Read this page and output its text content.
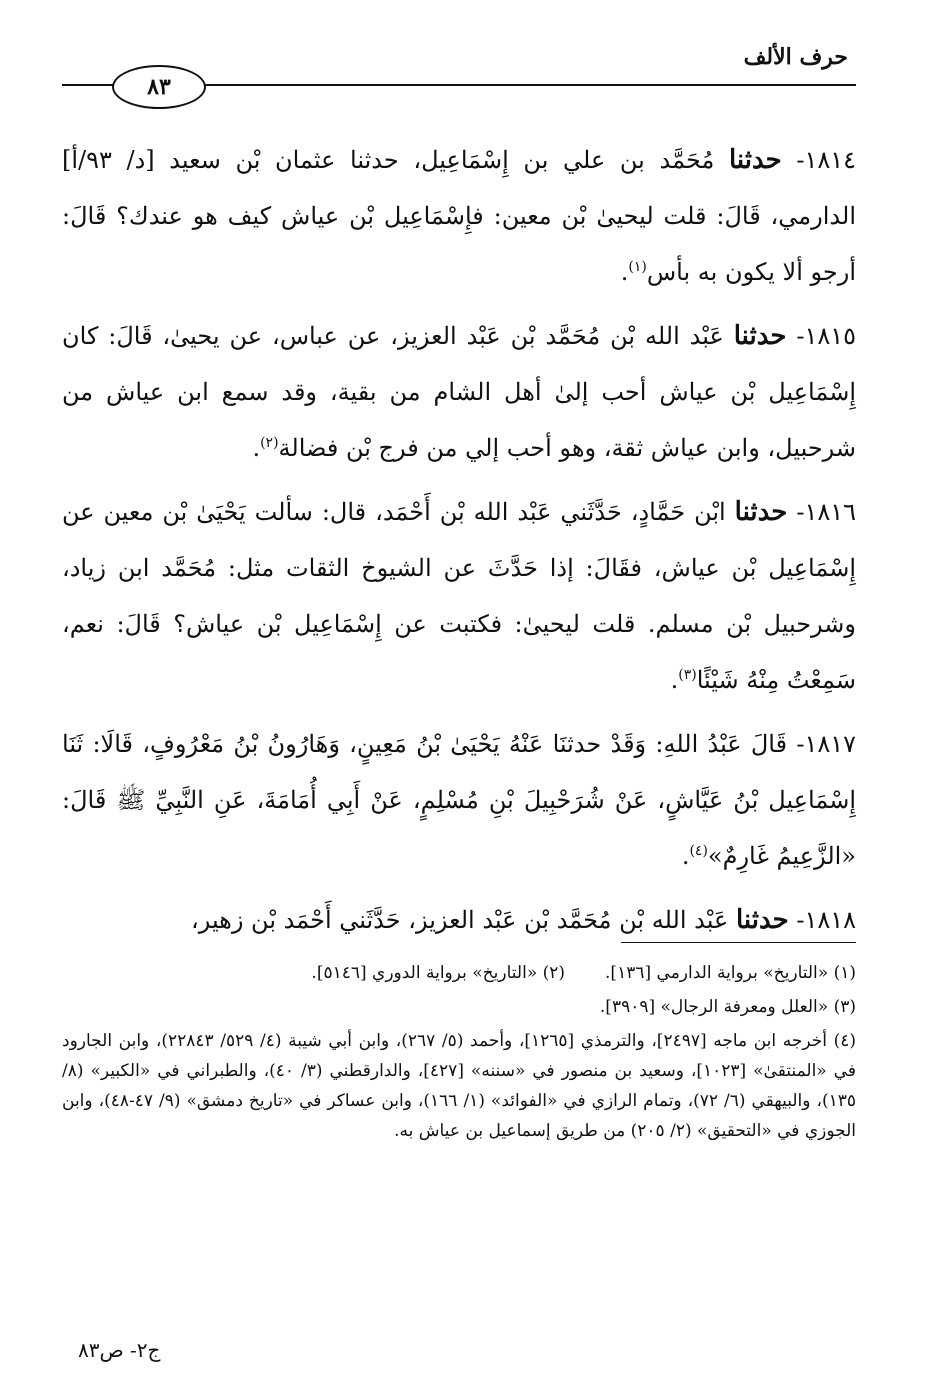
حرف الألف
٨٣

١٨١٤- حدثنا مُحَمَّد بن علي بن إِسْمَاعِيل، حدثنا عثمان بْن سعيد [د/ ٩٣/أ] الدارمي، قَالَ: قلت ليحيىٰ بْن معين: فإِسْمَاعِيل بْن عياش كيف هو عندك؟ قَالَ: أرجو ألا يكون به بأس$^{(١)}$.

١٨١٥- حدثنا عَبْد الله بْن مُحَمَّد بْن عَبْد العزيز، عن عباس، عن يحيىٰ، قَالَ: كان إِسْمَاعِيل بْن عياش أحب إلىٰ أهل الشام من بقية، وقد سمع ابن عياش من شرحبيل، وابن عياش ثقة، وهو أحب إلي من فرج بْن فضالة$^{(٢)}$.

١٨١٦- حدثنا ابْن حَمَّادٍ، حَدَّثَني عَبْد الله بْن أَحْمَد، قال: سألت يَحْيَىٰ بْن معين عن إِسْمَاعِيل بْن عياش، فقَالَ: إذا حَدَّثَ عن الشيوخ الثقات مثل: مُحَمَّد ابن زياد، وشرحبيل بْن مسلم. قلت ليحيىٰ: فكتبت عن إِسْمَاعِيل بْن عياش؟ قَالَ: نعم، سَمِعْتُ مِنْهُ شَيْئًا$^{(٣)}$.

١٨١٧- قَالَ عَبْدُ اللهِ: وَقَدْ حدثنَا عَنْهُ يَحْيَىٰ بْنُ مَعِينٍ، وَهَارُونُ بْنُ مَعْرُوفٍ، قَالَا: ثَنَا إِسْمَاعِيل بْنُ عَيَّاشٍ، عَنْ شُرَحْبِيلَ بْنِ مُسْلِمٍ، عَنْ أَبِي أُمَامَةَ، عَنِ النَّبِيِّ ﷺ قَالَ: «الزَّعِيمُ غَارِمٌ»$^{(٤)}$.

١٨١٨- حدثنا عَبْد الله بْن مُحَمَّد بْن عَبْد العزيز، حَدَّثَني أَحْمَد بْن زهير،

(١) «التاريخ» برواية الدارمي [١٣٦].
(٢) «التاريخ» برواية الدوري [٥١٤٦].

(٣) «العلل ومعرفة الرجال» [٣٩٠٩].

(٤) أخرجه ابن ماجه [٢٤٩٧]، والترمذي [١٢٦٥]، وأحمد (٥/ ٢٦٧)، وابن أبي شيبة (٤/ ٥٢٩/ ٢٢٨٤٣)، وابن الجارود في «المنتقىٰ» [١٠٢٣]، وسعيد بن منصور في «سننه» [٤٢٧]، والدارقطني (٣/ ٤٠)، والطبراني في «الكبير» (٨/ ١٣٥)، والبيهقي (٦/ ٧٢)، وتمام الرازي في «الفوائد» (١/ ١٦٦)، وابن عساكر في «تاريخ دمشق» (٩/ ٤٧-٤٨)، وابن الجوزي في «التحقيق» (٢/ ٢٠٥) من طريق إسماعيل بن عياش به.

ج٢- ص٨٣
